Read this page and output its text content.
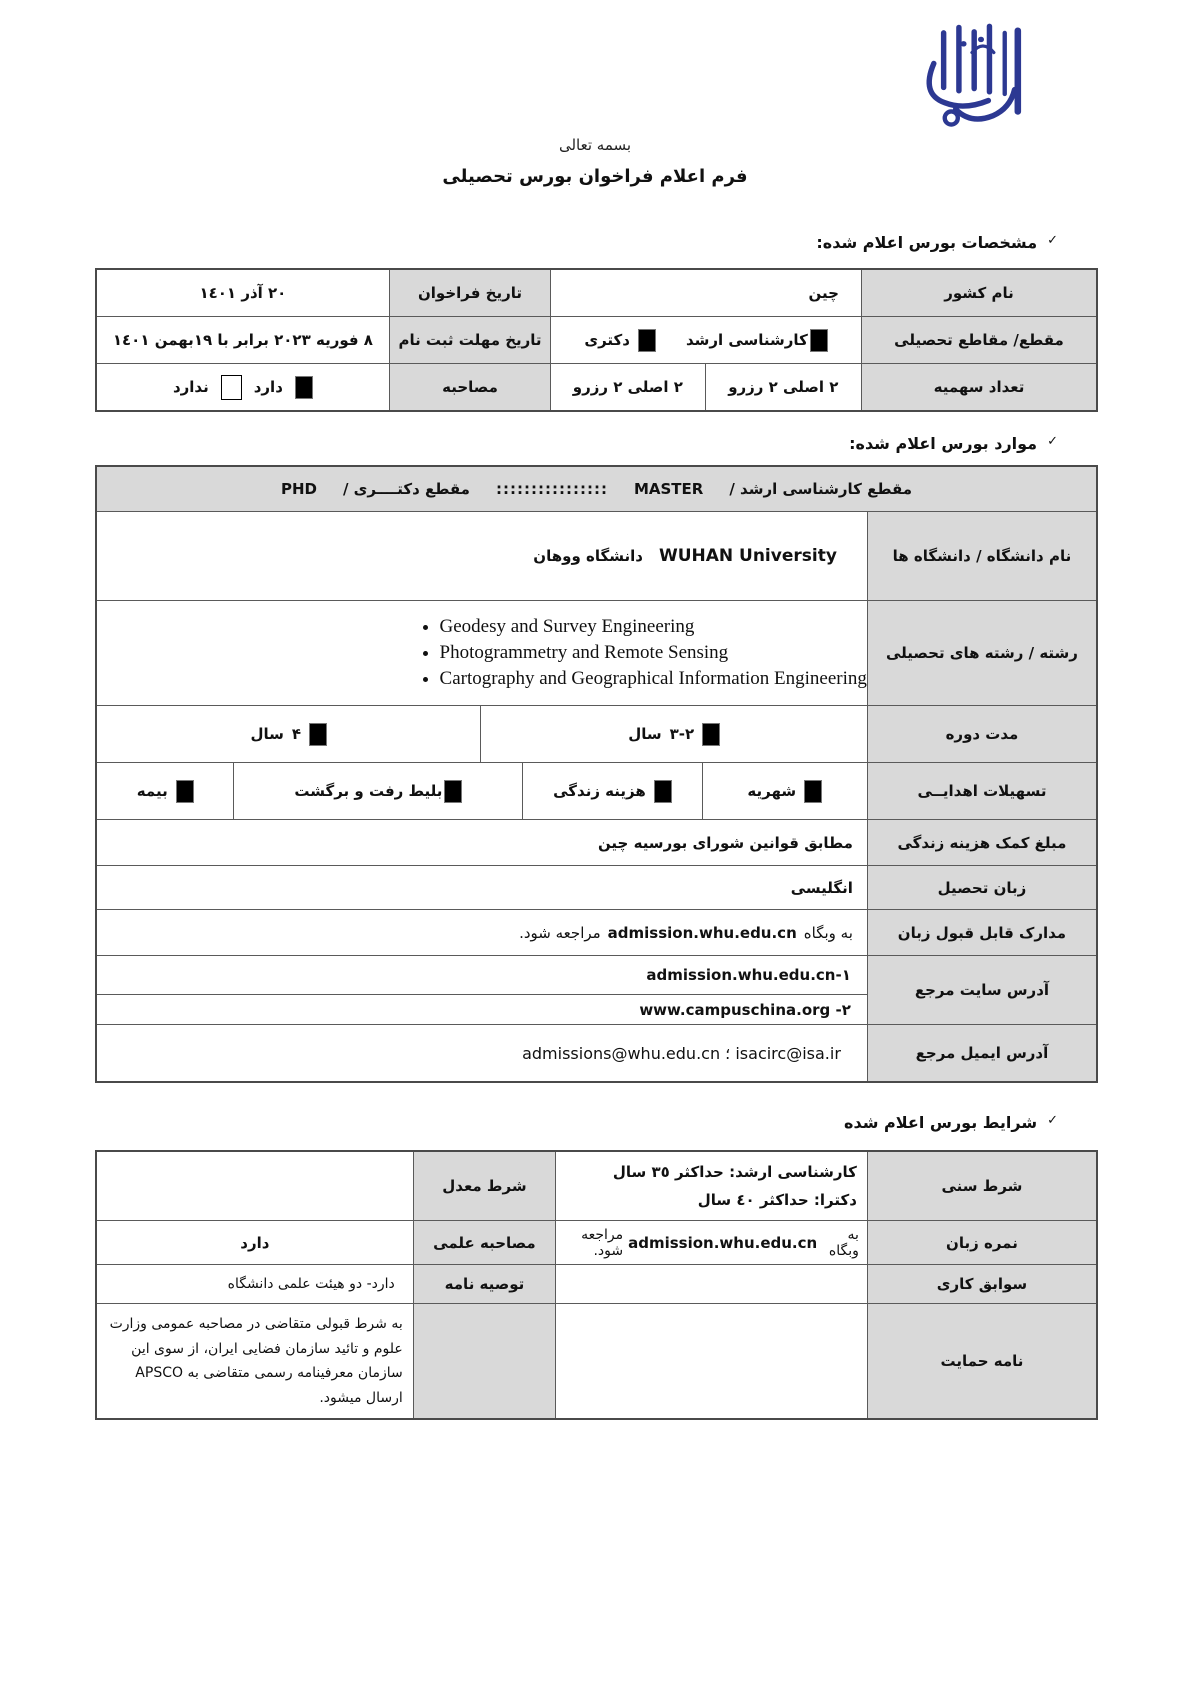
بسمه تعالی
فرم اعلام فراخوان بورس تحصیلی
✓
مشخصات بورس اعلام شده:
نام کشور
چین
تاریخ فراخوان
٢٠ آذر ١٤٠١
مقطع/ مقاطع تحصیلی
کارشناسی ارشد
دکتری
تاریخ مهلت ثبت نام
٨ فوریه ٢٠٢٣ برابر با ١٩بهمن ١٤٠١
تعداد سهمیه
٢ اصلی ٢ رزرو
٢ اصلی ٢ رزرو
مصاحبه
دارد
ندارد
✓
موارد بورس اعلام شده:
مقطع کارشناسی ارشد /
MASTER
::::::::::::::::
مقطع دکتــــری /
PHD
نام دانشگاه / دانشگاه ها
WUHAN University
دانشگاه ووهان
رشته / رشته های تحصیلی
• Geodesy and Survey Engineering
• Photogrammetry and Remote Sensing
• Cartography and Geographical Information Engineering
مدت دوره
٢-٣
سال
۴
سال
تسهیلات اهدایــی
شهریه
هزینه زندگی
بلیط رفت و برگشت
بیمه
مبلغ کمک هزینه زندگی
مطابق قوانین شورای بورسیه چین
زبان تحصیل
انگلیسی
مدارک قابل قبول زبان
به وبگاه
admission.whu.edu.cn
مراجعه شود.
آدرس سایت مرجع
admission.whu.edu.cn-١
www.campuschina.org -٢
آدرس ایمیل مرجع
admissions@whu.edu.cn ؛ isacirc@isa.ir
✓
شرایط بورس اعلام شده
شرط سنی
کارشناسی ارشد: حداکثر ٣٥ سال
دکترا: حداکثر ٤٠ سال
شرط معدل
نمره زبان
به وبگاه
admission.whu.edu.cn
مراجعه شود.
مصاحبه علمی
دارد
سوابق کاری
توصیه نامه
دارد- دو هیئت علمی دانشگاه
نامه حمایت
به شرط قبولی متقاضی در مصاحبه عمومی وزارت علوم و تائید سازمان فضایی ایران، از سوی این سازمان معرفینامه رسمی متقاضی به APSCO ارسال میشود.
